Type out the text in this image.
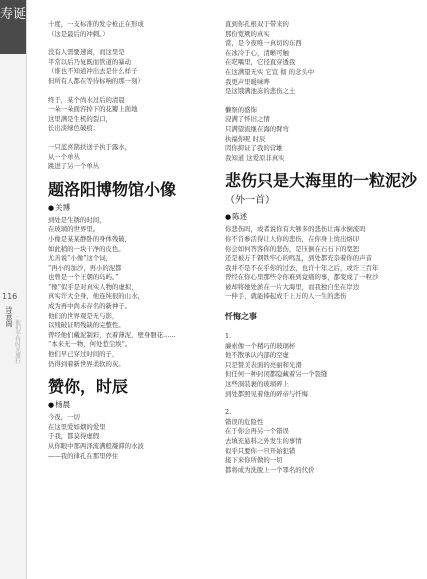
寿诞
116
诗意阁 · 他们手持时光旅行
十度，一支标准的发令枪正在形成
（这是最后的冲刺。）
没有人需要速离，而这里是
平常以后乃复既而管道的暴动
（谁也不知道冲出去是什么样子
但所有人都在等待标响的那一刻）
终于，某个尚水过后的清晨
一朵一朵面容掉下的花瓣上面地
这里满是生机的裂口，
长出淡绿色破痕：
一只蓝喜鹊扶送子执于露水，
从一个单丛
跳进了另一个单丛
题洛阳博物馆小像
● 关博
到处是生锈的时间，
在玻璃的世界里。
小像是某某静卧的身体残破，
如此稍的一块干净的皮色。
尤善说“小像”这个词，
“再小的加沙，再小的泥都
也曾是一个王朝的岛屿。”
“像”似乎是对真实人物的虚拟，
真实许大全身，他连纯很的山水，
成为再中尚未存名的新神子。
他们的世界观是无与影，
以残破证明残缺的完整性。
曾经他们戴泥制彩，衣着薄泥，壁身磐花……
“本来无一物，何处惹尘埃”。
他们早已穿过时间的子，
仍得到着新世界柔软的灰。
赞你，时辰
● 杨晨
今夜，一切
在这里爱如烟的爱里
于我，都莫得虚假
从你眼中那两泽流满般凝滞的水波
——我的律孔在那里停住
直到你孔根双于带来的
那份宽厥的真实
當，是今夜唯一真切的东西
在冰冷于心，清晰可触
在呓喁里，它径直穿透我
在这满望无实 它宣 彻 的念头中
我更声里暖味哗
是这饿满池冻的悲伤之土
懒祭的盛饰
浸满了怀旧之情
只满望流继在海的臂弯
执福你呢 时辰
因你抑证了我的营雄
我知道 这爱原非真实
悲伤只是大海里的一粒泥沙
（外一首）
● 陈述
你悲伤吗，或者说你有大够多的悲伤让海水倒流吗
你不肯参活得让人你的悲伤，在你身上烫出烙印
你会如何答客你的悲伤，是压倒在石石下的宽恕
还是被万千钢铁牢心的鸣乱，到处都充杂着你的声音
我并不是不在乎你的过去，也许十年之后，或许三百年
曾经在你心里那些令你难到竟痛的事，都变成了一粒沙
被却将她处淤在一片大海里，而我独自坐在岸边
一伸手，就能捧起成千上万的人一生的悲伤
忏悔之事
1.
廉索像一个精巧的玻璃杯
他不散承认内部的空虚
只是赞美表面的亮丽和光滑
但任何一种封闭都隐藏着另一个裂缝
这些洞装裹的玻璃碎上
到处都照见着他的碎帝与忏悔
2.
错误的危险性
在于你会再另一个错误
去填充悬料之外发生的事情
似乎只要你一旦开始犯错
接下来你所做的一切
都将成为洗脱上一个罪名的代价
